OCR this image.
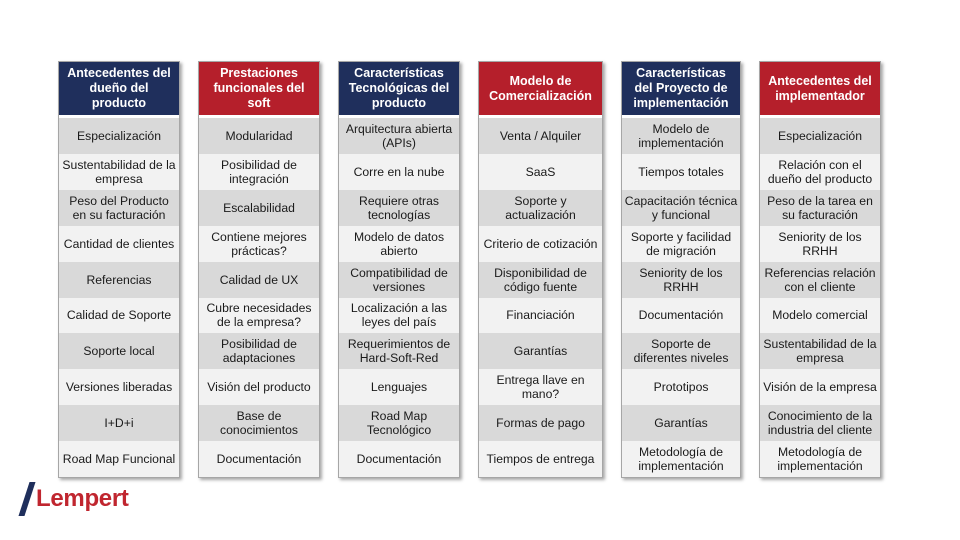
Antecedentes del dueño del producto
Especialización
Sustentabilidad de la empresa
Peso del Producto en su facturación
Cantidad de clientes
Referencias
Calidad de Soporte
Soporte local
Versiones liberadas
I+D+i
Road Map Funcional
Prestaciones funcionales del soft
Modularidad
Posibilidad de integración
Escalabilidad
Contiene mejores prácticas?
Calidad de UX
Cubre necesidades de la empresa?
Posibilidad de adaptaciones
Visión del producto
Base de conocimientos
Documentación
Características Tecnológicas del producto
Arquitectura abierta (APIs)
Corre en la nube
Requiere otras tecnologías
Modelo de datos abierto
Compatibilidad de versiones
Localización a las leyes del país
Requerimientos de Hard-Soft-Red
Lenguajes
Road Map Tecnológico
Documentación
Modelo de Comercialización
Venta / Alquiler
SaaS
Soporte y actualización
Criterio de cotización
Disponibilidad de código fuente
Financiación
Garantías
Entrega llave en mano?
Formas de pago
Tiempos de entrega
Características del Proyecto de implementación
Modelo de implementación
Tiempos totales
Capacitación técnica y funcional
Soporte y facilidad de migración
Seniority de los RRHH
Documentación
Soporte de diferentes niveles
Prototipos
Garantías
Metodología de implementación
Antecedentes del implementador
Especialización
Relación con el dueño del producto
Peso de la tarea en su facturación
Seniority de los RRHH
Referencias relación con el cliente
Modelo comercial
Sustentabilidad de la empresa
Visión de la empresa
Conocimiento de la industria del cliente
Metodología de implementación
Lempert
